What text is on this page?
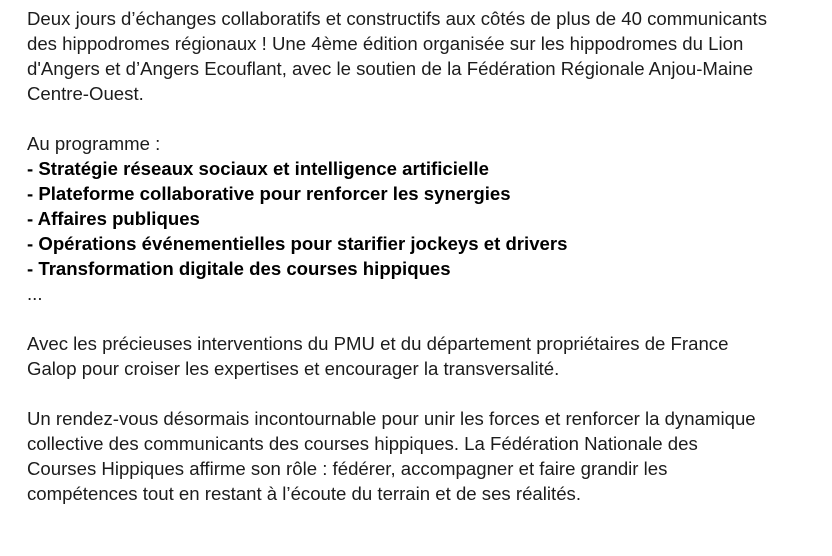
Deux jours d’échanges collaboratifs et constructifs aux côtés de plus de 40 communicants
des hippodromes régionaux ! Une 4ème édition organisée sur les hippodromes du Lion
d'Angers et d’Angers Ecouflant, avec le soutien de la Fédération Régionale Anjou-Maine
Centre-Ouest.
Au programme :
- Stratégie réseaux sociaux et intelligence artificielle
- Plateforme collaborative pour renforcer les synergies
- Affaires publiques
- Opérations événementielles pour starifier jockeys et drivers
- Transformation digitale des courses hippiques
...
Avec les précieuses interventions du PMU et du département propriétaires de France
Galop pour croiser les expertises et encourager la transversalité.
Un rendez-vous désormais incontournable pour unir les forces et renforcer la dynamique
collective des communicants des courses hippiques. La Fédération Nationale des
Courses Hippiques affirme son rôle : fédérer, accompagner et faire grandir les
compétences tout en restant à l’écoute du terrain et de ses réalités.
